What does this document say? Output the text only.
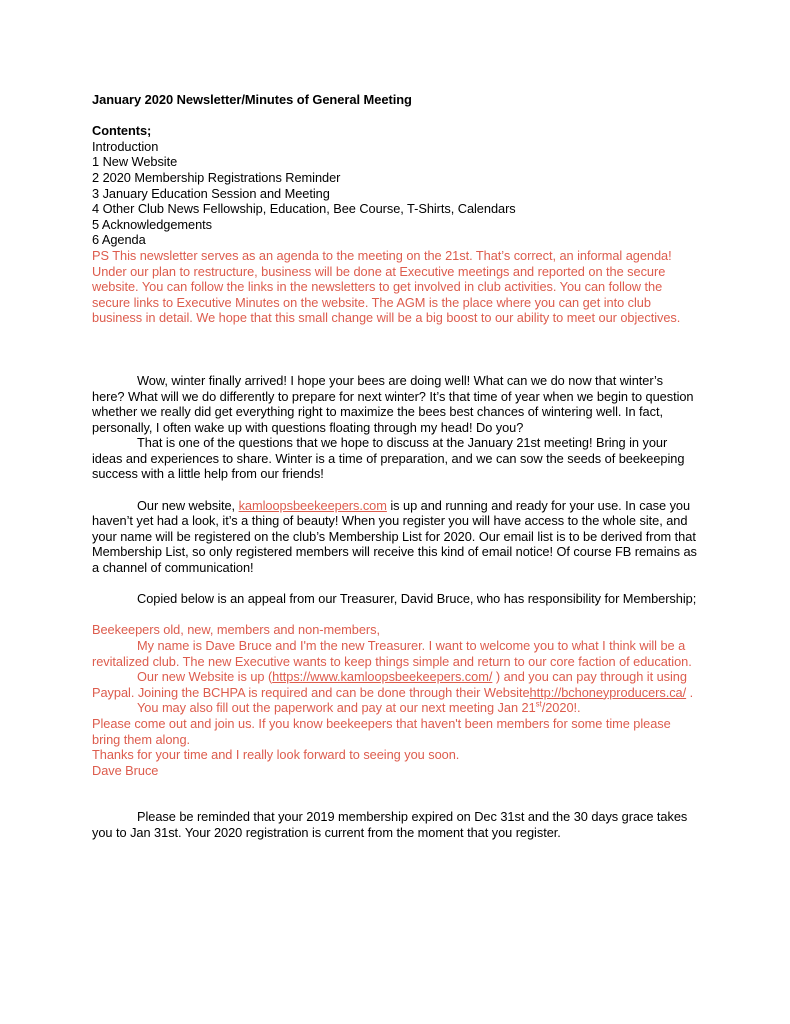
January 2020 Newsletter/Minutes of General Meeting

Contents;

Introduction

1 New Website

2 2020 Membership Registrations Reminder

3 January Education Session and Meeting

4 Other Club News Fellowship, Education, Bee Course, T-Shirts, Calendars

5 Acknowledgements

6 Agenda

PS This newsletter serves as an agenda to the meeting on the 21st. That’s correct, an informal agenda! Under our plan to restructure, business will be done at Executive meetings and reported on the secure website. You can follow the links in the newsletters to get involved in club activities. You can follow the secure links to Executive Minutes on the website. The AGM is the place where you can get into club business in detail. We hope that this small change will be a big boost to our ability to meet our objectives.

Wow, winter finally arrived! I hope your bees are doing well! What can we do now that winter’s here? What will we do differently to prepare for next winter? It’s that time of year when we begin to question whether we really did get everything right to maximize the bees best chances of wintering well. In fact, personally, I often wake up with questions floating through my head! Do you?

That is one of the questions that we hope to discuss at the January 21st meeting! Bring in your ideas and experiences to share. Winter is a time of preparation, and we can sow the seeds of beekeeping success with a little help from our friends!

Our new website, kamloopsbeekeepers.com is up and running and ready for your use. In case you haven’t yet had a look, it’s a thing of beauty! When you register you will have access to the whole site, and your name will be registered on the club’s Membership List for 2020. Our email list is to be derived from that Membership List, so only registered members will receive this kind of email notice! Of course FB remains as a channel of communication!

Copied below is an appeal from our Treasurer, David Bruce, who has responsibility for Membership;

Beekeepers old, new, members and non-members,

My name is Dave Bruce and I'm the new Treasurer. I want to welcome you to what I think will be a revitalized club. The new Executive wants to keep things simple and return to our core faction of education.

Our new Website is up (https://www.kamloopsbeekeepers.com/ ) and you can pay through it using Paypal. Joining the BCHPA is required and can be done through their Websitehttp://bchoneyproducers.ca/ .

You may also fill out the paperwork and pay at our next meeting Jan 21st/2020!.

Please come out and join us. If you know beekeepers that haven't been members for some time please bring them along.

Thanks for your time and I really look forward to seeing you soon.

Dave Bruce

Please be reminded that your 2019 membership expired on Dec 31st and the 30 days grace takes you to Jan 31st. Your 2020 registration is current from the moment that you register.
